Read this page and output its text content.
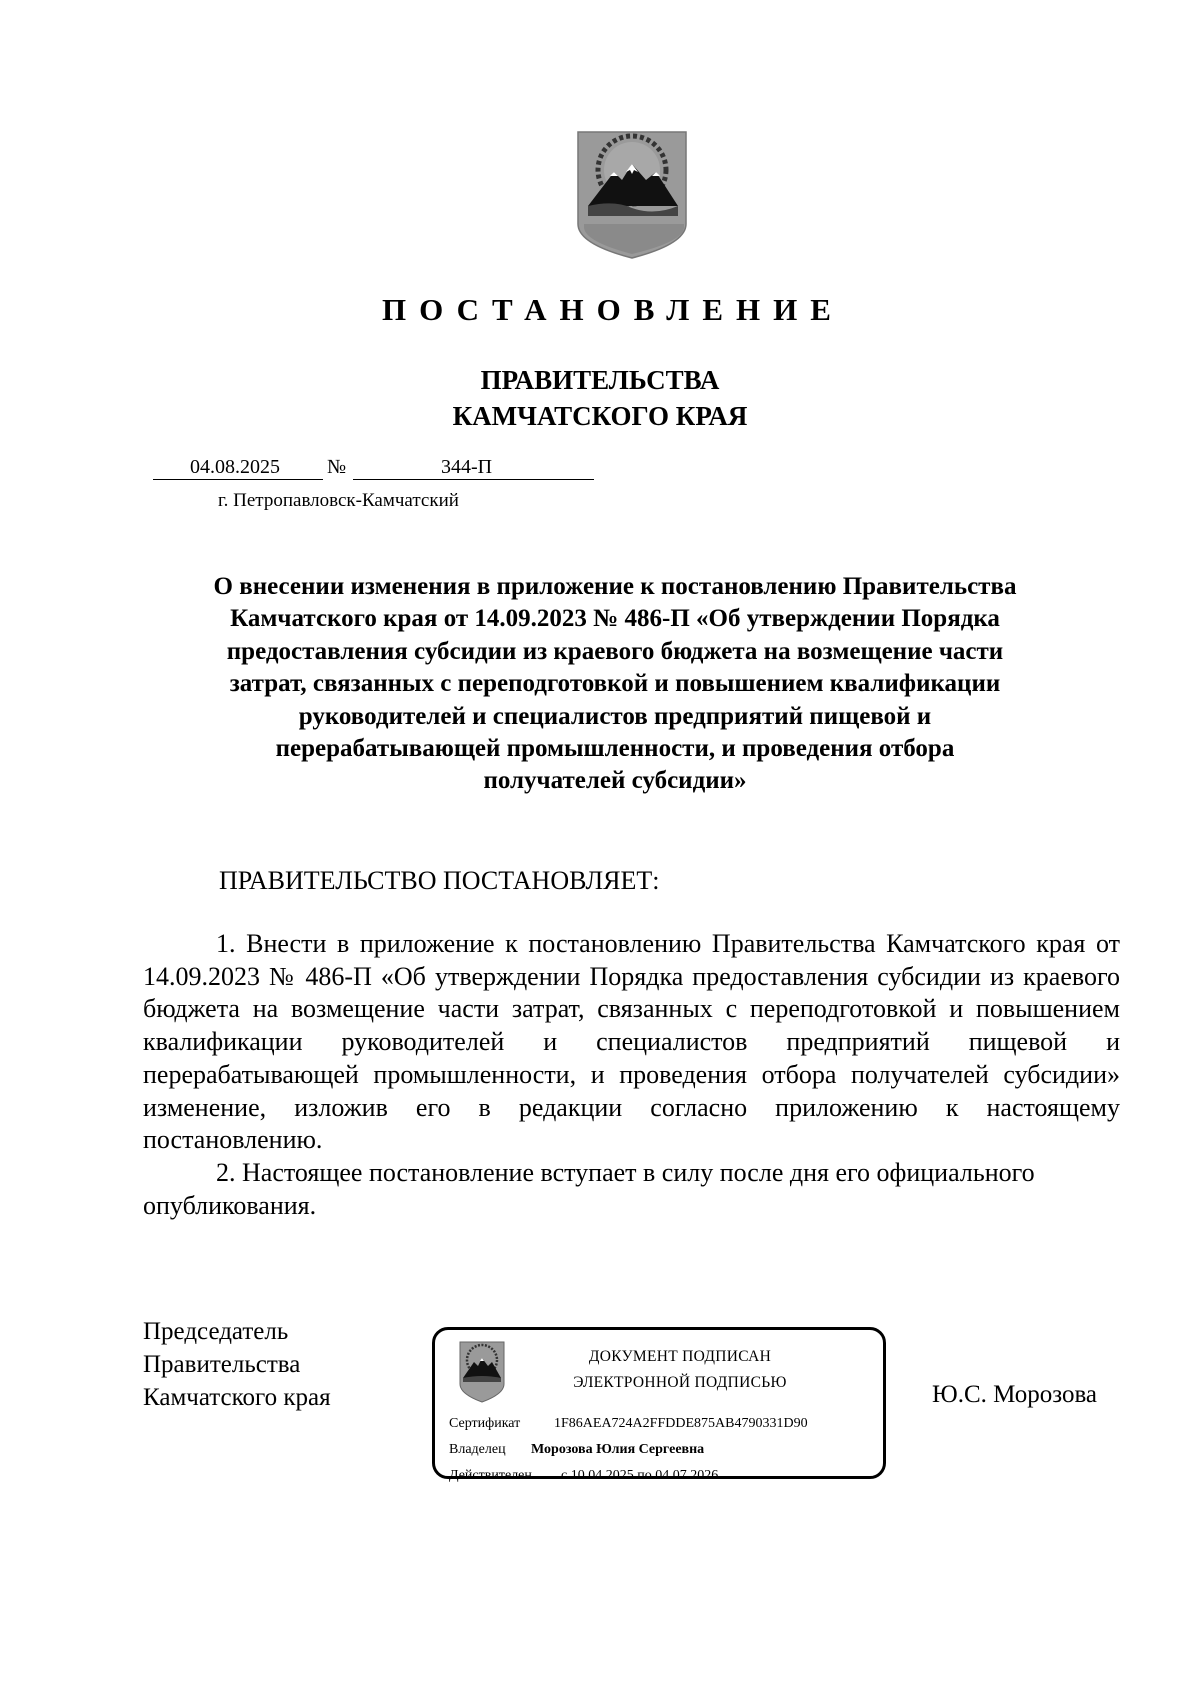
ПОСТАНОВЛЕНИЕ
ПРАВИТЕЛЬСТВА
КАМЧАТСКОГО КРАЯ
04.08.2025 №	344-П
г. Петропавловск-Камчатский
О внесении изменения в приложение к постановлению Правительства
Камчатского края от 14.09.2023 № 486-П «Об утверждении Порядка
предоставления субсидии из краевого бюджета на возмещение части
затрат, связанных с переподготовкой и повышением квалификации
руководителей и специалистов предприятий пищевой и
перерабатывающей промышленности, и проведения отбора
получателей субсидии»
ПРАВИТЕЛЬСТВО ПОСТАНОВЛЯЕТ:

1. Внести в приложение к постановлению Правительства Камчатского края от 14.09.2023 № 486-П «Об утверждении Порядка предоставления субсидии из краевого бюджета на возмещение части затрат, связанных с переподготовкой и повышением квалификации руководителей и специалистов предприятий пищевой и перерабатывающей промышленности, и проведения отбора получателей субсидии» изменение, изложив его в редакции согласно приложению к настоящему постановлению.

2. Настоящее постановление вступает в силу после дня его официального опубликования.

Председатель
Правительства
Камчатского края
ДОКУМЕНТ ПОДПИСАН
ЭЛЕКТРОННОЙ ПОДПИСЬЮ
Сертификат 1F86AEA724A2FFDDE875AB4790331D90
Владелец Морозова Юлия Сергеевна
Действителен с 10.04.2025 по 04.07.2026
Ю.С. Морозова
